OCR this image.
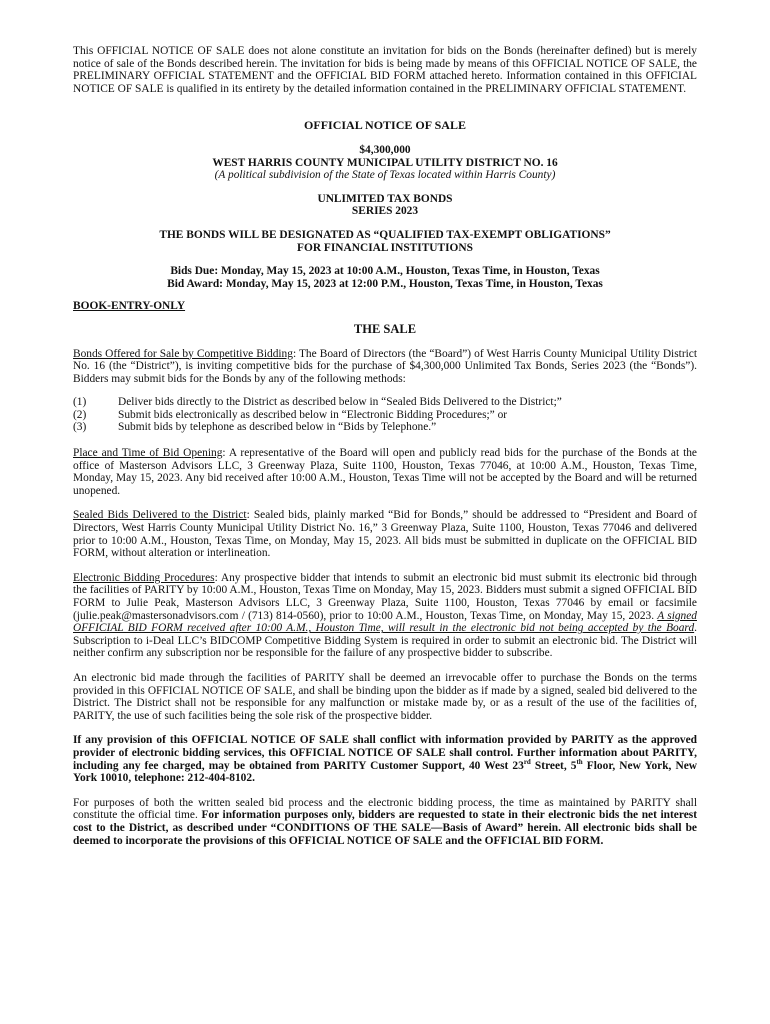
This OFFICIAL NOTICE OF SALE does not alone constitute an invitation for bids on the Bonds (hereinafter defined) but is merely notice of sale of the Bonds described herein. The invitation for bids is being made by means of this OFFICIAL NOTICE OF SALE, the PRELIMINARY OFFICIAL STATEMENT and the OFFICIAL BID FORM attached hereto. Information contained in this OFFICIAL NOTICE OF SALE is qualified in its entirety by the detailed information contained in the PRELIMINARY OFFICIAL STATEMENT.

OFFICIAL NOTICE OF SALE
$4,300,000
WEST HARRIS COUNTY MUNICIPAL UTILITY DISTRICT NO. 16
(A political subdivision of the State of Texas located within Harris County)
UNLIMITED TAX BONDS
SERIES 2023
THE BONDS WILL BE DESIGNATED AS “QUALIFIED TAX-EXEMPT OBLIGATIONS”
FOR FINANCIAL INSTITUTIONS
Bids Due: Monday, May 15, 2023 at 10:00 A.M., Houston, Texas Time, in Houston, Texas
Bid Award: Monday, May 15, 2023 at 12:00 P.M., Houston, Texas Time, in Houston, Texas
BOOK-ENTRY-ONLY
THE SALE

Bonds Offered for Sale by Competitive Bidding: The Board of Directors (the “Board”) of West Harris County Municipal Utility District No. 16 (the “District”), is inviting competitive bids for the purchase of $4,300,000 Unlimited Tax Bonds, Series 2023 (the “Bonds”). Bidders may submit bids for the Bonds by any of the following methods:

(1)	Deliver bids directly to the District as described below in “Sealed Bids Delivered to the District;”
(2)	Submit bids electronically as described below in “Electronic Bidding Procedures;” or
(3)	Submit bids by telephone as described below in “Bids by Telephone.”

Place and Time of Bid Opening: A representative of the Board will open and publicly read bids for the purchase of the Bonds at the office of Masterson Advisors LLC, 3 Greenway Plaza, Suite 1100, Houston, Texas 77046, at 10:00 A.M., Houston, Texas Time, Monday, May 15, 2023. Any bid received after 10:00 A.M., Houston, Texas Time will not be accepted by the Board and will be returned unopened.

Sealed Bids Delivered to the District: Sealed bids, plainly marked “Bid for Bonds,” should be addressed to “President and Board of Directors, West Harris County Municipal Utility District No. 16,” 3 Greenway Plaza, Suite 1100, Houston, Texas 77046 and delivered prior to 10:00 A.M., Houston, Texas Time, on Monday, May 15, 2023. All bids must be submitted in duplicate on the OFFICIAL BID FORM, without alteration or interlineation.

Electronic Bidding Procedures: Any prospective bidder that intends to submit an electronic bid must submit its electronic bid through the facilities of PARITY by 10:00 A.M., Houston, Texas Time on Monday, May 15, 2023. Bidders must submit a signed OFFICIAL BID FORM to Julie Peak, Masterson Advisors LLC, 3 Greenway Plaza, Suite 1100, Houston, Texas 77046 by email or facsimile (julie.peak@mastersonadvisors.com / (713) 814-0560), prior to 10:00 A.M., Houston, Texas Time, on Monday, May 15, 2023. A signed OFFICIAL BID FORM received after 10:00 A.M., Houston Time, will result in the electronic bid not being accepted by the Board. Subscription to i-Deal LLC’s BIDCOMP Competitive Bidding System is required in order to submit an electronic bid. The District will neither confirm any subscription nor be responsible for the failure of any prospective bidder to subscribe.

An electronic bid made through the facilities of PARITY shall be deemed an irrevocable offer to purchase the Bonds on the terms provided in this OFFICIAL NOTICE OF SALE, and shall be binding upon the bidder as if made by a signed, sealed bid delivered to the District. The District shall not be responsible for any malfunction or mistake made by, or as a result of the use of the facilities of, PARITY, the use of such facilities being the sole risk of the prospective bidder.

If any provision of this OFFICIAL NOTICE OF SALE shall conflict with information provided by PARITY as the approved provider of electronic bidding services, this OFFICIAL NOTICE OF SALE shall control. Further information about PARITY, including any fee charged, may be obtained from PARITY Customer Support, 40 West 23rd Street, 5th Floor, New York, New York 10010, telephone: 212-404-8102.

For purposes of both the written sealed bid process and the electronic bidding process, the time as maintained by PARITY shall constitute the official time. For information purposes only, bidders are requested to state in their electronic bids the net interest cost to the District, as described under “CONDITIONS OF THE SALE—Basis of Award” herein. All electronic bids shall be deemed to incorporate the provisions of this OFFICIAL NOTICE OF SALE and the OFFICIAL BID FORM.
